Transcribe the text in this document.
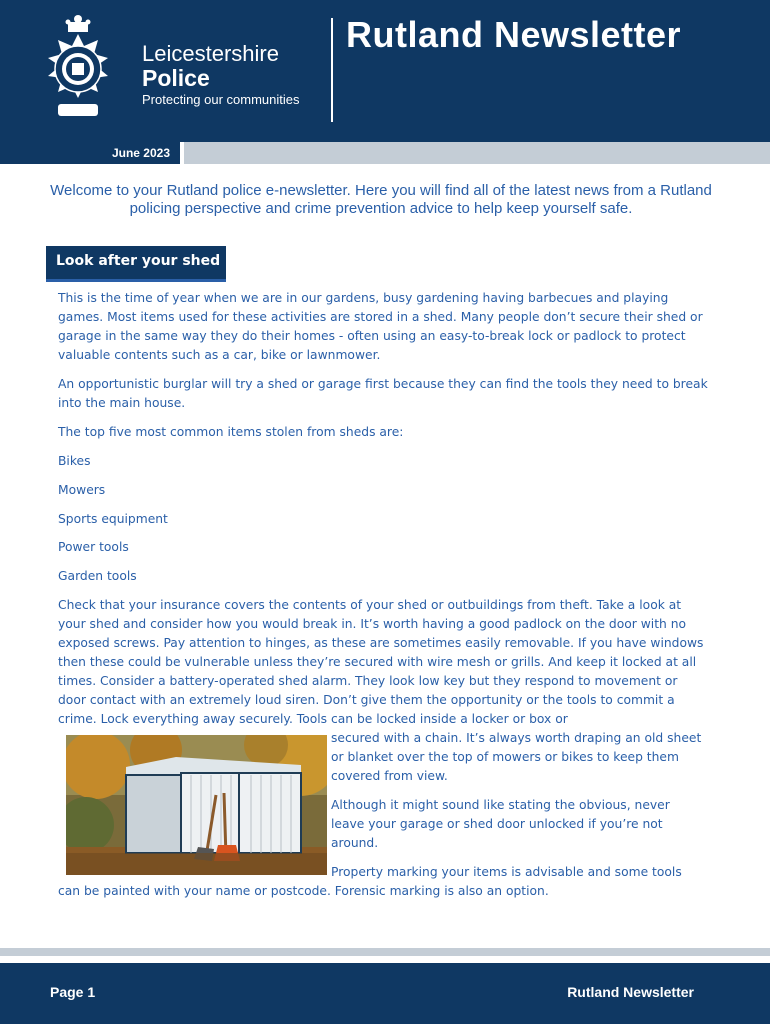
Leicestershire
Police
Protecting our communities
Rutland Newsletter
June 2023
Welcome to your Rutland police e-newsletter. Here you will find all of the latest news from a Rutland policing perspective and crime prevention advice to help keep yourself safe.
Look after your shed

This is the time of year when we are in our gardens, busy gardening having barbecues and playing games. Most items used for these activities are stored in a shed. Many people don’t secure their shed or garage in the same way they do their homes - often using an easy-to-break lock or padlock to protect valuable contents such as a car, bike or lawnmower.

An opportunistic burglar will try a shed or garage first because they can find the tools they need to break into the main house.

The top five most common items stolen from sheds are:

Bikes
Mowers
Sports equipment
Power tools
Garden tools

Check that your insurance covers the contents of your shed or outbuildings from theft. Take a look at your shed and consider how you would break in. It’s worth having a good padlock on the door with no exposed screws. Pay attention to hinges, as these are sometimes easily removable. If you have windows then these could be vulnerable unless they’re secured with wire mesh or grills. And keep it locked at all times. Consider a battery-operated shed alarm. They look low key but they respond to movement or door contact with an extremely loud siren. Don’t give them the opportunity or the tools to commit a crime. Lock everything away securely. Tools can be locked inside a locker or box or

secured with a chain. It’s always worth draping an old sheet or blanket over the top of mowers or bikes to keep them covered from view.

Although it might sound like stating the obvious, never leave your garage or shed door unlocked if you’re not around.

Property marking your items is advisable and some tools
can be painted with your name or postcode. Forensic marking is also an option.
Page 1	Rutland Newsletter
